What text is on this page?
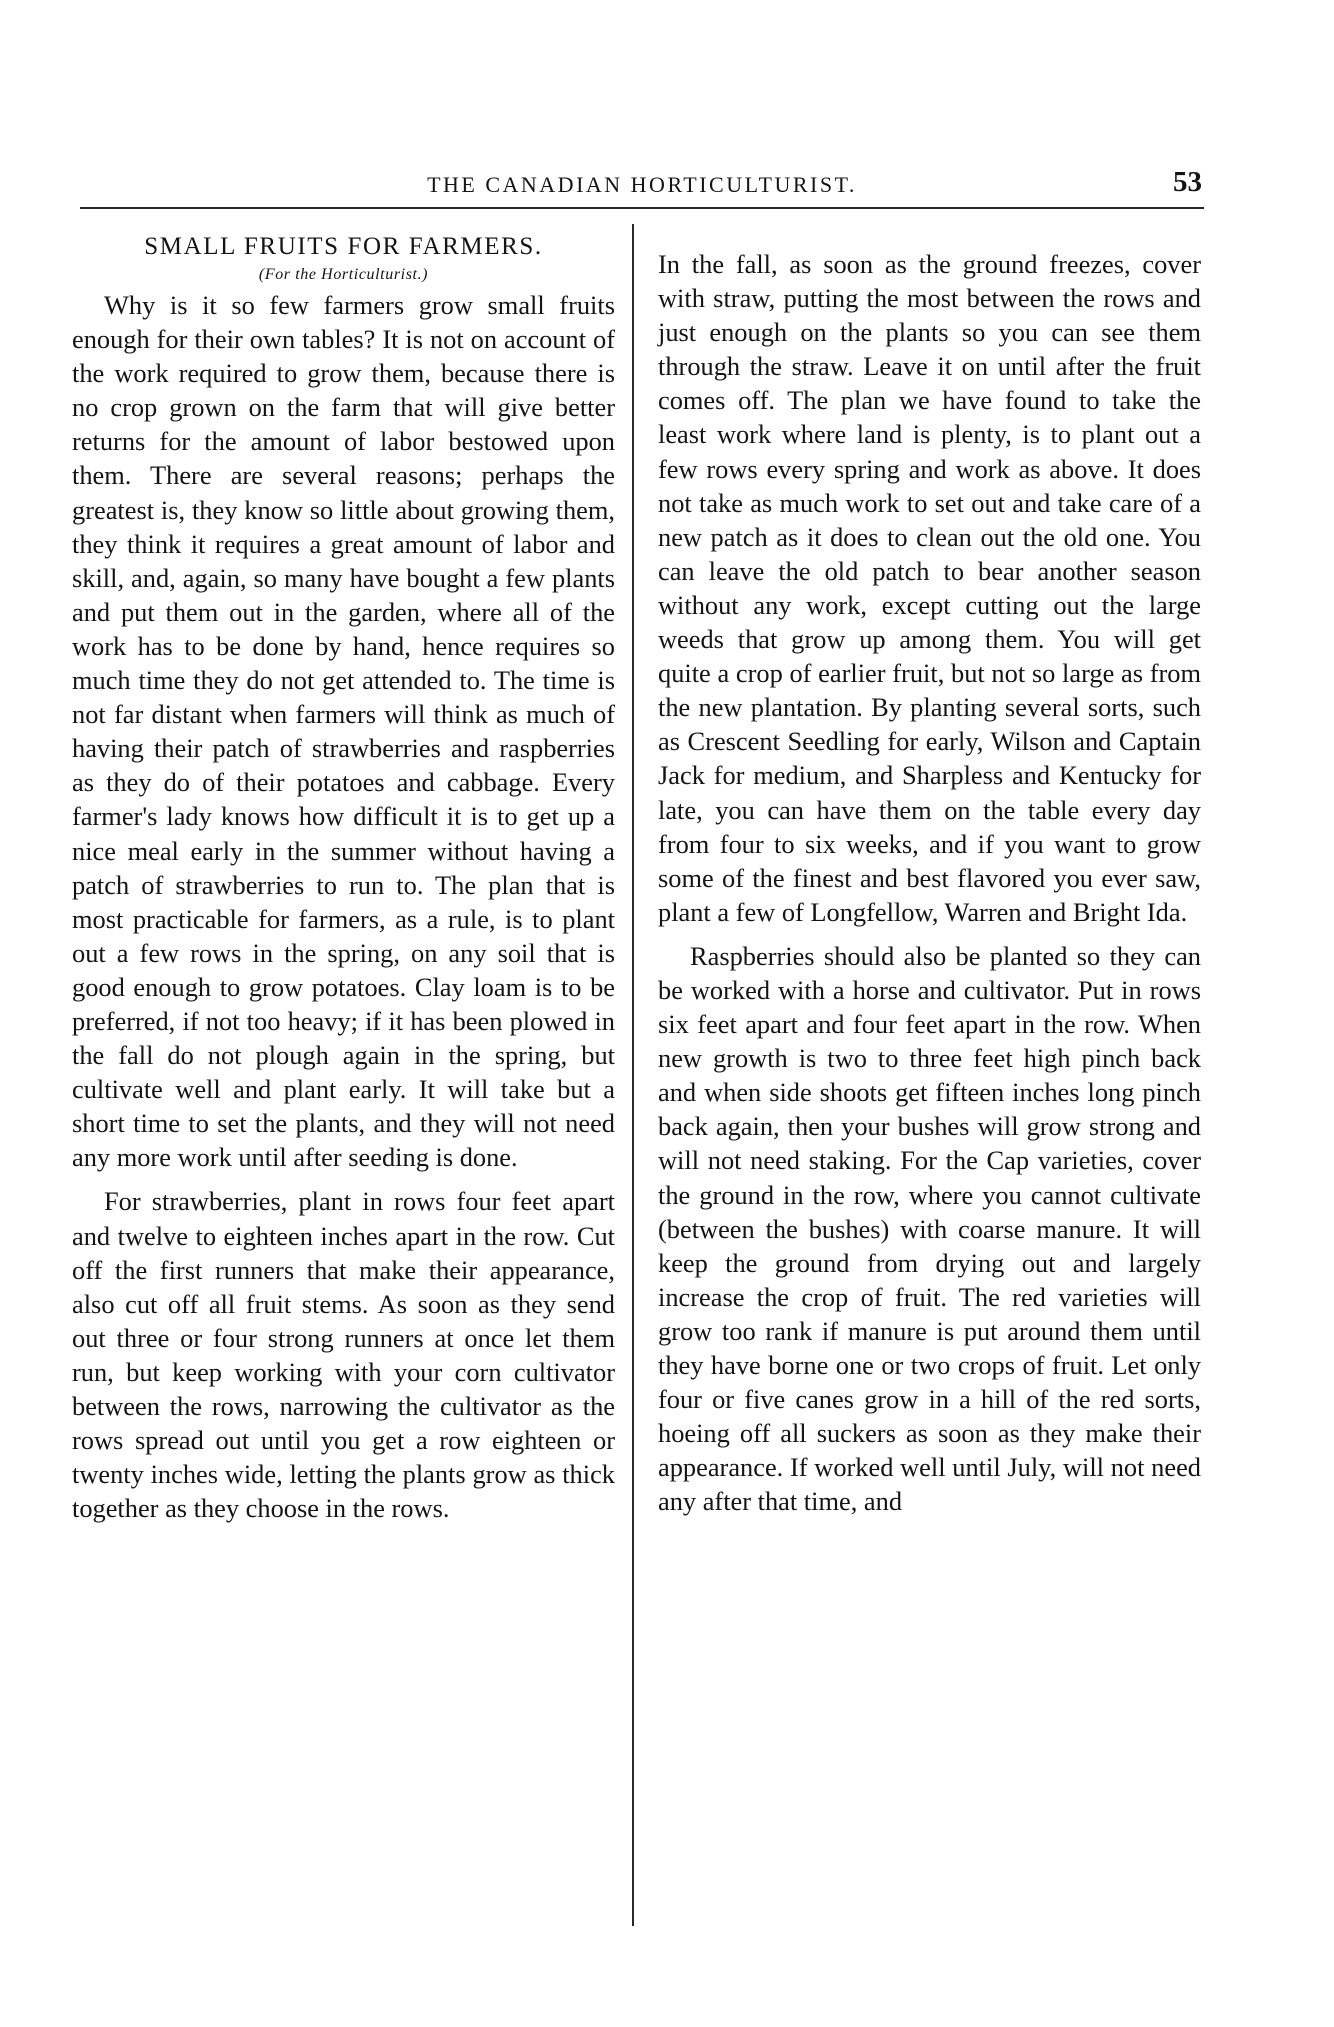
THE CANADIAN HORTICULTURIST.	53
SMALL FRUITS FOR FARMERS.
(For the Horticulturist.)

Why is it so few farmers grow small fruits enough for their own tables? It is not on account of the work required to grow them, because there is no crop grown on the farm that will give better returns for the amount of labor bestowed upon them. There are several reasons; perhaps the greatest is, they know so little about growing them, they think it requires a great amount of labor and skill, and, again, so many have bought a few plants and put them out in the garden, where all of the work has to be done by hand, hence requires so much time they do not get attended to. The time is not far distant when farmers will think as much of having their patch of strawberries and raspberries as they do of their potatoes and cabbage. Every farmer's lady knows how difficult it is to get up a nice meal early in the summer without having a patch of strawberries to run to. The plan that is most practicable for farmers, as a rule, is to plant out a few rows in the spring, on any soil that is good enough to grow potatoes. Clay loam is to be preferred, if not too heavy; if it has been plowed in the fall do not plough again in the spring, but cultivate well and plant early. It will take but a short time to set the plants, and they will not need any more work until after seeding is done.

For strawberries, plant in rows four feet apart and twelve to eighteen inches apart in the row. Cut off the first runners that make their appearance, also cut off all fruit stems. As soon as they send out three or four strong runners at once let them run, but keep working with your corn cultivator between the rows, narrowing the cultivator as the rows spread out until you get a row eighteen or twenty inches wide, letting the plants grow as thick together as they choose in the rows.

In the fall, as soon as the ground freezes, cover with straw, putting the most between the rows and just enough on the plants so you can see them through the straw. Leave it on until after the fruit comes off. The plan we have found to take the least work where land is plenty, is to plant out a few rows every spring and work as above. It does not take as much work to set out and take care of a new patch as it does to clean out the old one. You can leave the old patch to bear another season without any work, except cutting out the large weeds that grow up among them. You will get quite a crop of earlier fruit, but not so large as from the new plantation. By planting several sorts, such as Crescent Seedling for early, Wilson and Captain Jack for medium, and Sharpless and Kentucky for late, you can have them on the table every day from four to six weeks, and if you want to grow some of the finest and best flavored you ever saw, plant a few of Longfellow, Warren and Bright Ida.

Raspberries should also be planted so they can be worked with a horse and cultivator. Put in rows six feet apart and four feet apart in the row. When new growth is two to three feet high pinch back and when side shoots get fifteen inches long pinch back again, then your bushes will grow strong and will not need staking. For the Cap varieties, cover the ground in the row, where you cannot cultivate (between the bushes) with coarse manure. It will keep the ground from drying out and largely increase the crop of fruit. The red varieties will grow too rank if manure is put around them until they have borne one or two crops of fruit. Let only four or five canes grow in a hill of the red sorts, hoeing off all suckers as soon as they make their appearance. If worked well until July, will not need any after that time, and
